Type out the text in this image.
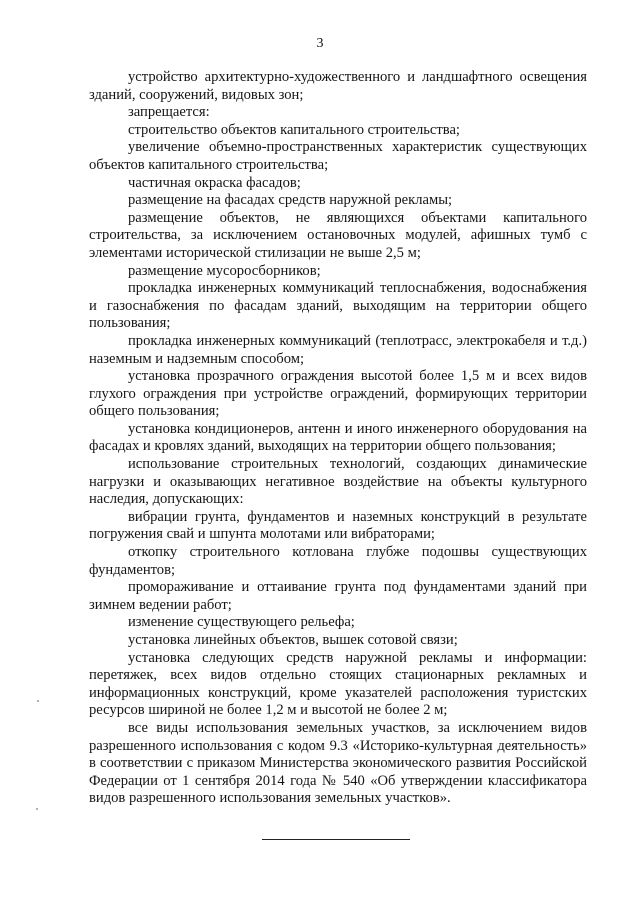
3

устройство архитектурно-художественного и ландшафтного освещения зданий, сооружений, видовых зон;

запрещается:

строительство объектов капитального строительства;

увеличение объемно-пространственных характеристик существующих объектов капитального строительства;

частичная окраска фасадов;

размещение на фасадах средств наружной рекламы;

размещение объектов, не являющихся объектами капитального строительства, за исключением остановочных модулей, афишных тумб с элементами исторической стилизации не выше 2,5 м;

размещение мусоросборников;

прокладка инженерных коммуникаций теплоснабжения, водоснабжения и газоснабжения по фасадам зданий, выходящим на территории общего пользования;

прокладка инженерных коммуникаций (теплотрасс, электрокабеля и т.д.) наземным и надземным способом;

установка прозрачного ограждения высотой более 1,5 м и всех видов глухого ограждения при устройстве ограждений, формирующих территории общего пользования;

установка кондиционеров, антенн и иного инженерного оборудования на фасадах и кровлях зданий, выходящих на территории общего пользования;

использование строительных технологий, создающих динамические нагрузки и оказывающих негативное воздействие на объекты культурного наследия, допускающих:

вибрации грунта, фундаментов и наземных конструкций в результате погружения свай и шпунта молотами или вибраторами;

откопку строительного котлована глубже подошвы существующих фундаментов;

промораживание и оттаивание грунта под фундаментами зданий при зимнем ведении работ;

изменение существующего рельефа;

установка линейных объектов, вышек сотовой связи;

установка следующих средств наружной рекламы и информации: перетяжек, всех видов отдельно стоящих стационарных рекламных и информационных конструкций, кроме указателей расположения туристских ресурсов шириной не более 1,2 м и высотой не более 2 м;

все виды использования земельных участков, за исключением видов разрешенного использования с кодом 9.3 «Историко-культурная деятельность» в соответствии с приказом Министерства экономического развития Российской Федерации от 1 сентября 2014 года № 540 «Об утверждении классификатора видов разрешенного использования земельных участков».
